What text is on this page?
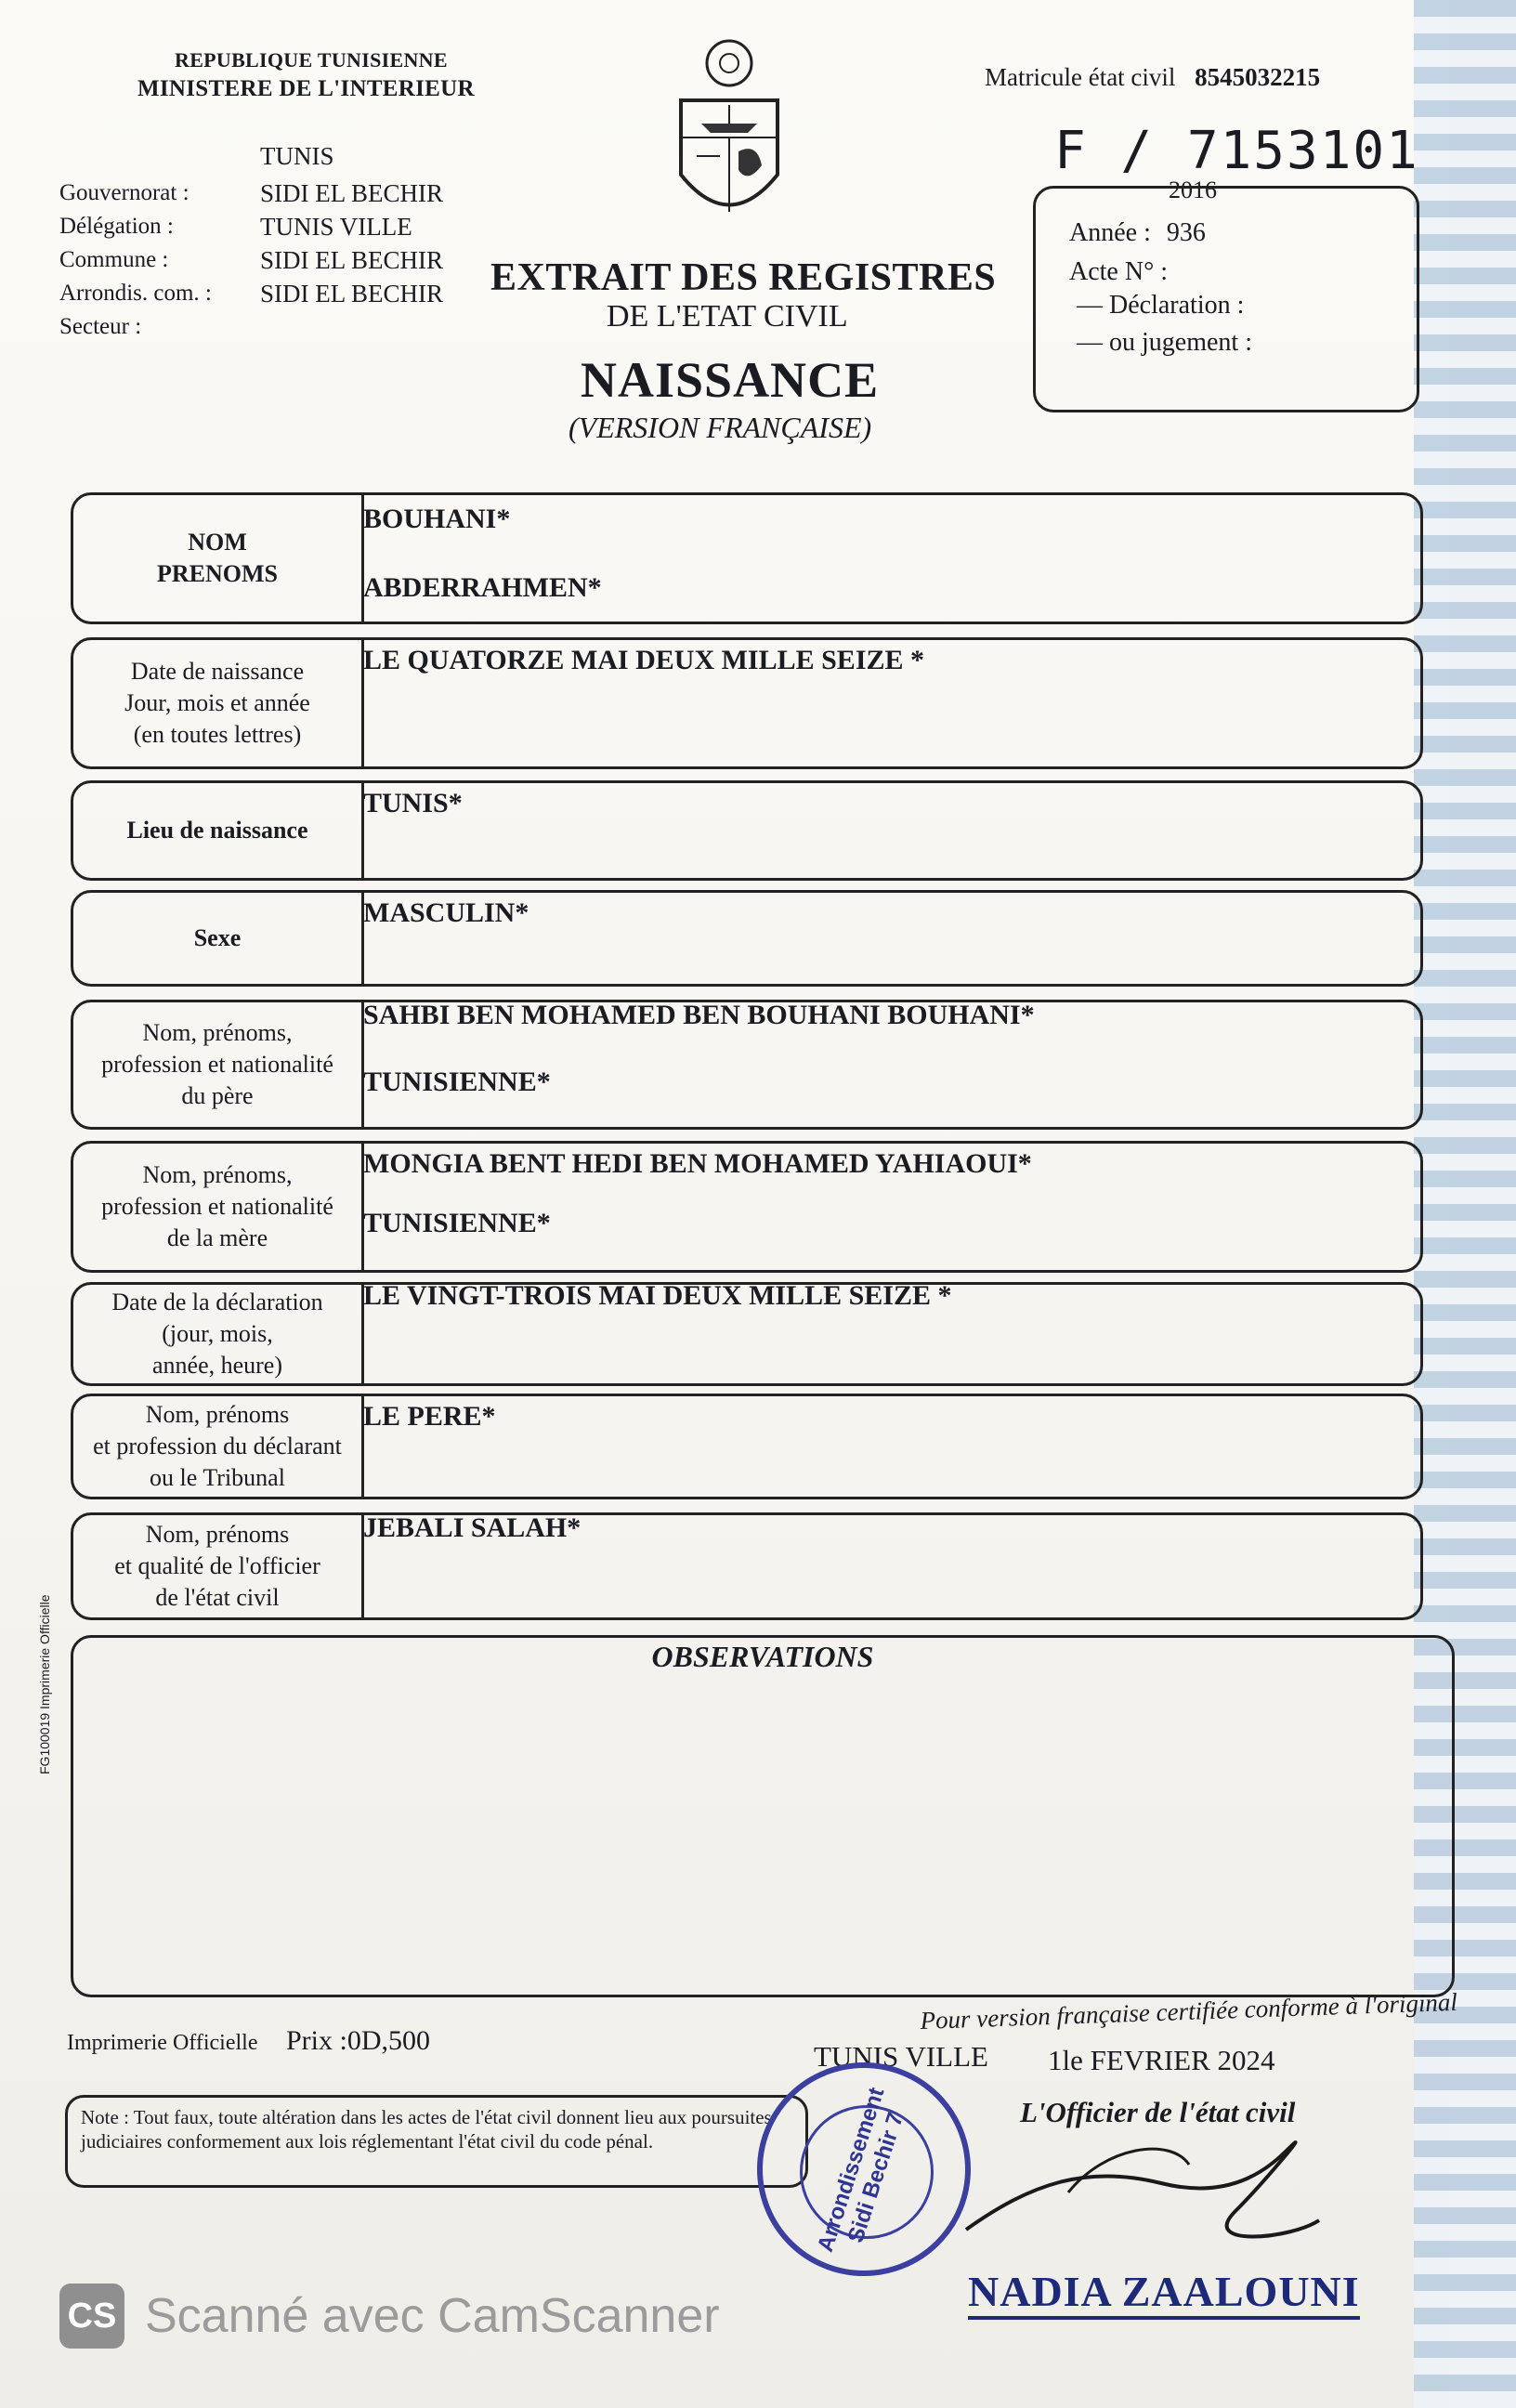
REPUBLIQUE TUNISIENNE
MINISTERE DE L'INTERIEUR	Matricule état civil 8545032215
F / 7153101
Gouvernorat :
Délégation :
Commune :
Arrondis. com. :
Secteur :
TUNIS
SIDI EL BECHIR
TUNIS VILLE
SIDI EL BECHIR
SIDI EL BECHIR EXTRAIT DES REGISTRES
DE L'ETAT CIVIL
NAISSANCE
(VERSION FRANÇAISE)
2016
Année : 936
Acte N° :
— Déclaration :
— ou jugement :
NOM
PRENOMS
BOUHANI*
ABDERRAHMEN*
Date de naissance
Jour, mois et année
(en toutes lettres)
LE QUATORZE MAI DEUX MILLE SEIZE *
Lieu de naissance
TUNIS*
Sexe
MASCULIN*
Nom, prénoms,
profession et nationalité
du père
SAHBI BEN MOHAMED BEN BOUHANI BOUHANI*
TUNISIENNE*
Nom, prénoms,
profession et nationalité
de la mère
MONGIA BENT HEDI BEN MOHAMED YAHIAOUI*
TUNISIENNE*
Date de la déclaration
(jour, mois,
année, heure)
LE VINGT-TROIS MAI DEUX MILLE SEIZE *
Nom, prénoms
et profession du déclarant
ou le Tribunal
LE PERE*
Nom, prénoms
et qualité de l'officier
de l'état civil
JEBALI SALAH*
OBSERVATIONS
FG100019 Imprimerie Officielle
Imprimerie Officielle Prix :0D,500
Pour version française certifiée conforme à l'original
TUNIS VILLE 1le FEVRIER 2024
L'Officier de l'état civil
Note : Tout faux, toute altération dans les actes de l'état civil donnent lieu aux poursuites judiciaires conformement aux lois réglementant l'état civil du code pénal.	Arrondissement Sidi Bechir 7
NADIA ZAALOUNI
CS Scanné avec CamScanner
